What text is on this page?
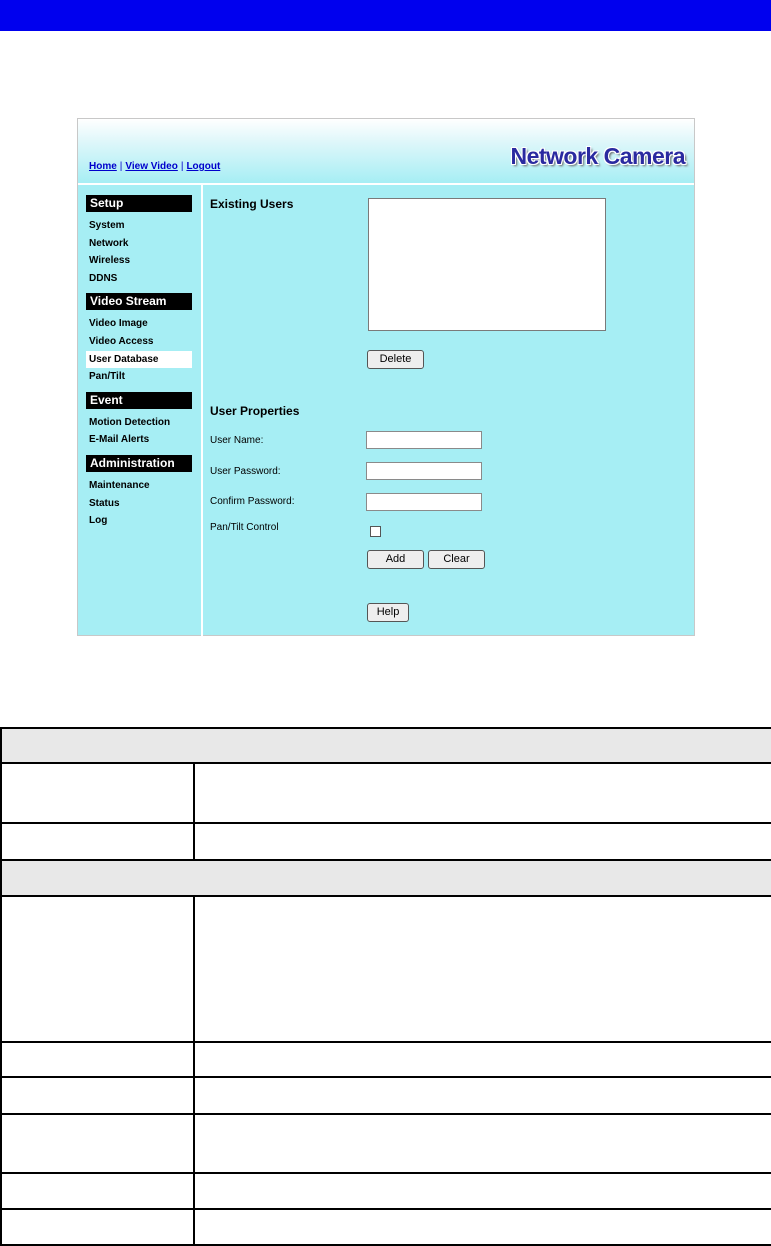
Home | View Video | Logout	Network Camera
Setup
System
Network
Wireless
DDNS
Video Stream
Video Image
Video Access
User Database
Pan/Tilt
Event
Motion Detection
E-Mail Alerts
Administration
Maintenance
Status
Log
Existing Users
Delete
User Properties
User Name:
User Password:
Confirm Password:
Pan/Tilt Control
Add	Clear
Help
